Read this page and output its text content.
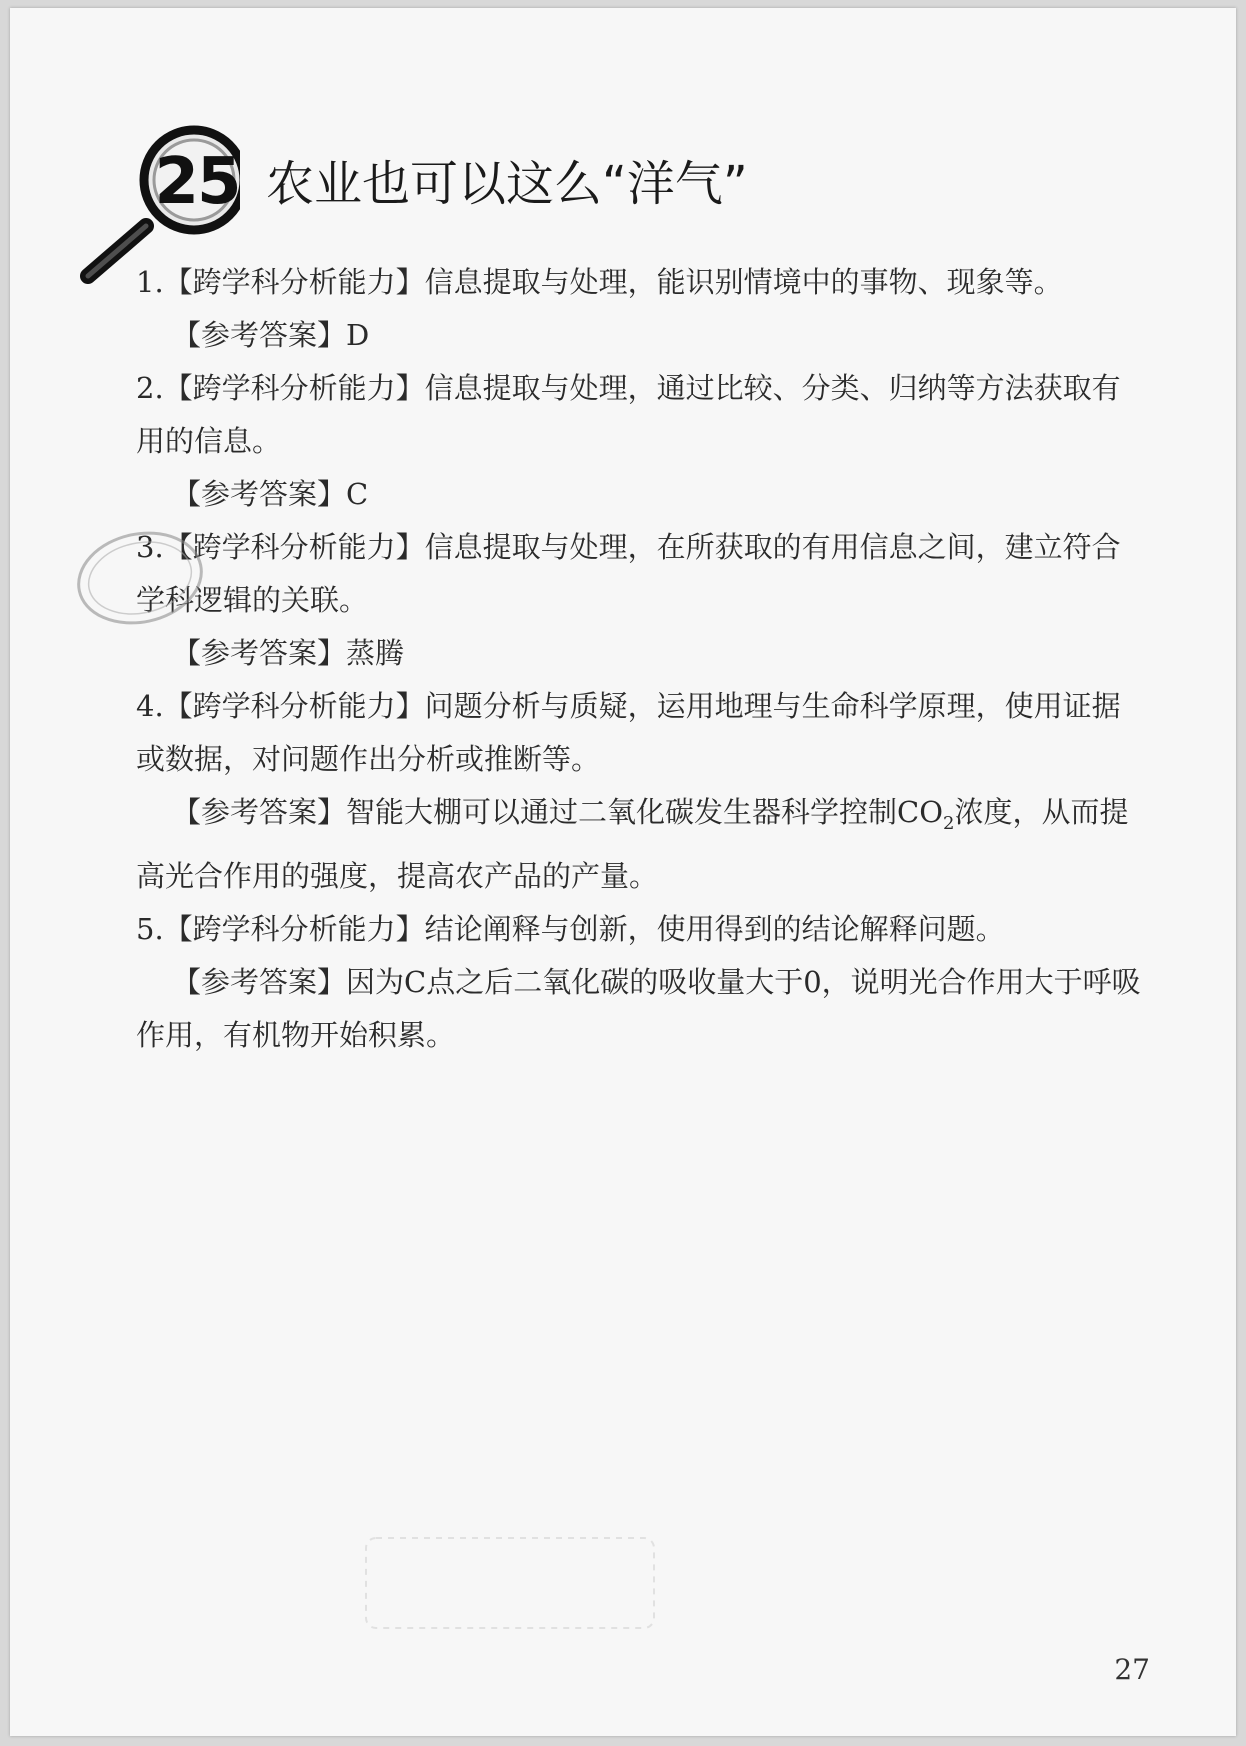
25 农业也可以这么“洋气”

1.【跨学科分析能力】信息提取与处理，能识别情境中的事物、现象等。

【参考答案】D

2.【跨学科分析能力】信息提取与处理，通过比较、分类、归纳等方法获取有用的信息。

【参考答案】C

3.【跨学科分析能力】信息提取与处理，在所获取的有用信息之间，建立符合学科逻辑的关联。

【参考答案】蒸腾

4.【跨学科分析能力】问题分析与质疑，运用地理与生命科学原理，使用证据或数据，对问题作出分析或推断等。

【参考答案】智能大棚可以通过二氧化碳发生器科学控制$CO_2$浓度，从而提高光合作用的强度，提高农产品的产量。

5.【跨学科分析能力】结论阐释与创新，使用得到的结论解释问题。

【参考答案】因为C点之后二氧化碳的吸收量大于0，说明光合作用大于呼吸作用，有机物开始积累。

27
